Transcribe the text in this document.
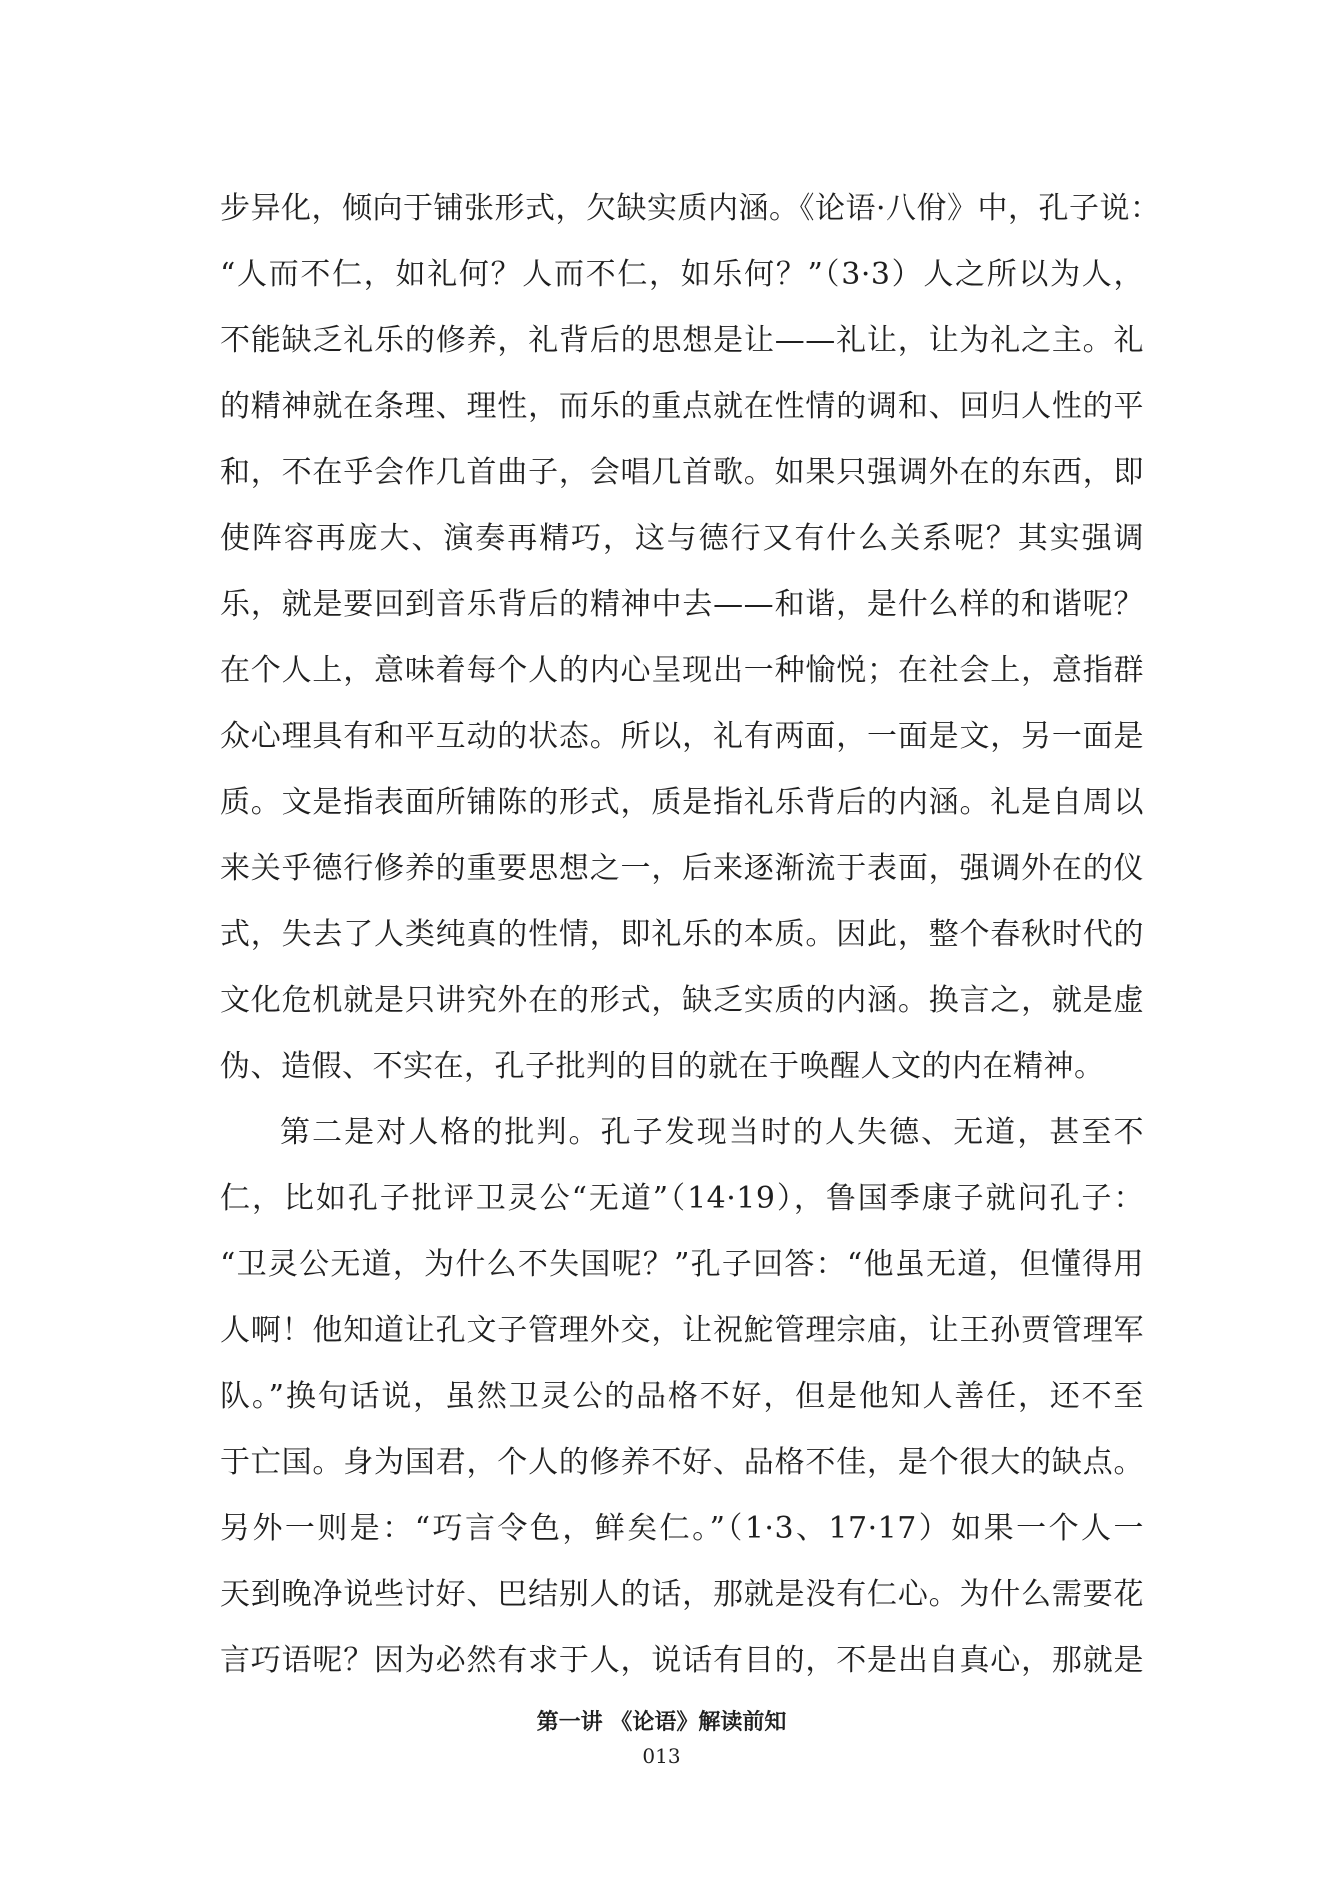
步异化，倾向于铺张形式，欠缺实质内涵。《论语·八佾》中，孔子说：
“人而不仁，如礼何？人而不仁，如乐何？”（3·3）人之所以为人，
不能缺乏礼乐的修养，礼背后的思想是让——礼让，让为礼之主。礼
的精神就在条理、理性，而乐的重点就在性情的调和、回归人性的平
和，不在乎会作几首曲子，会唱几首歌。如果只强调外在的东西，即
使阵容再庞大、演奏再精巧，这与德行又有什么关系呢？其实强调
乐，就是要回到音乐背后的精神中去——和谐，是什么样的和谐呢？
在个人上，意味着每个人的内心呈现出一种愉悦；在社会上，意指群
众心理具有和平互动的状态。所以，礼有两面，一面是文，另一面是
质。文是指表面所铺陈的形式，质是指礼乐背后的内涵。礼是自周以
来关乎德行修养的重要思想之一，后来逐渐流于表面，强调外在的仪
式，失去了人类纯真的性情，即礼乐的本质。因此，整个春秋时代的
文化危机就是只讲究外在的形式，缺乏实质的内涵。换言之，就是虚
伪、造假、不实在，孔子批判的目的就在于唤醒人文的内在精神。
第二是对人格的批判。孔子发现当时的人失德、无道，甚至不
仁，比如孔子批评卫灵公“无道”（14·19），鲁国季康子就问孔子：
“卫灵公无道，为什么不失国呢？”孔子回答：“他虽无道，但懂得用
人啊！他知道让孔文子管理外交，让祝鮀管理宗庙，让王孙贾管理军
队。”换句话说，虽然卫灵公的品格不好，但是他知人善任，还不至
于亡国。身为国君，个人的修养不好、品格不佳，是个很大的缺点。
另外一则是：“巧言令色，鲜矣仁。”（1·3、17·17）如果一个人一
天到晚净说些讨好、巴结别人的话，那就是没有仁心。为什么需要花
言巧语呢？因为必然有求于人，说话有目的，不是出自真心，那就是
第一讲 《论语》解读前知
013
